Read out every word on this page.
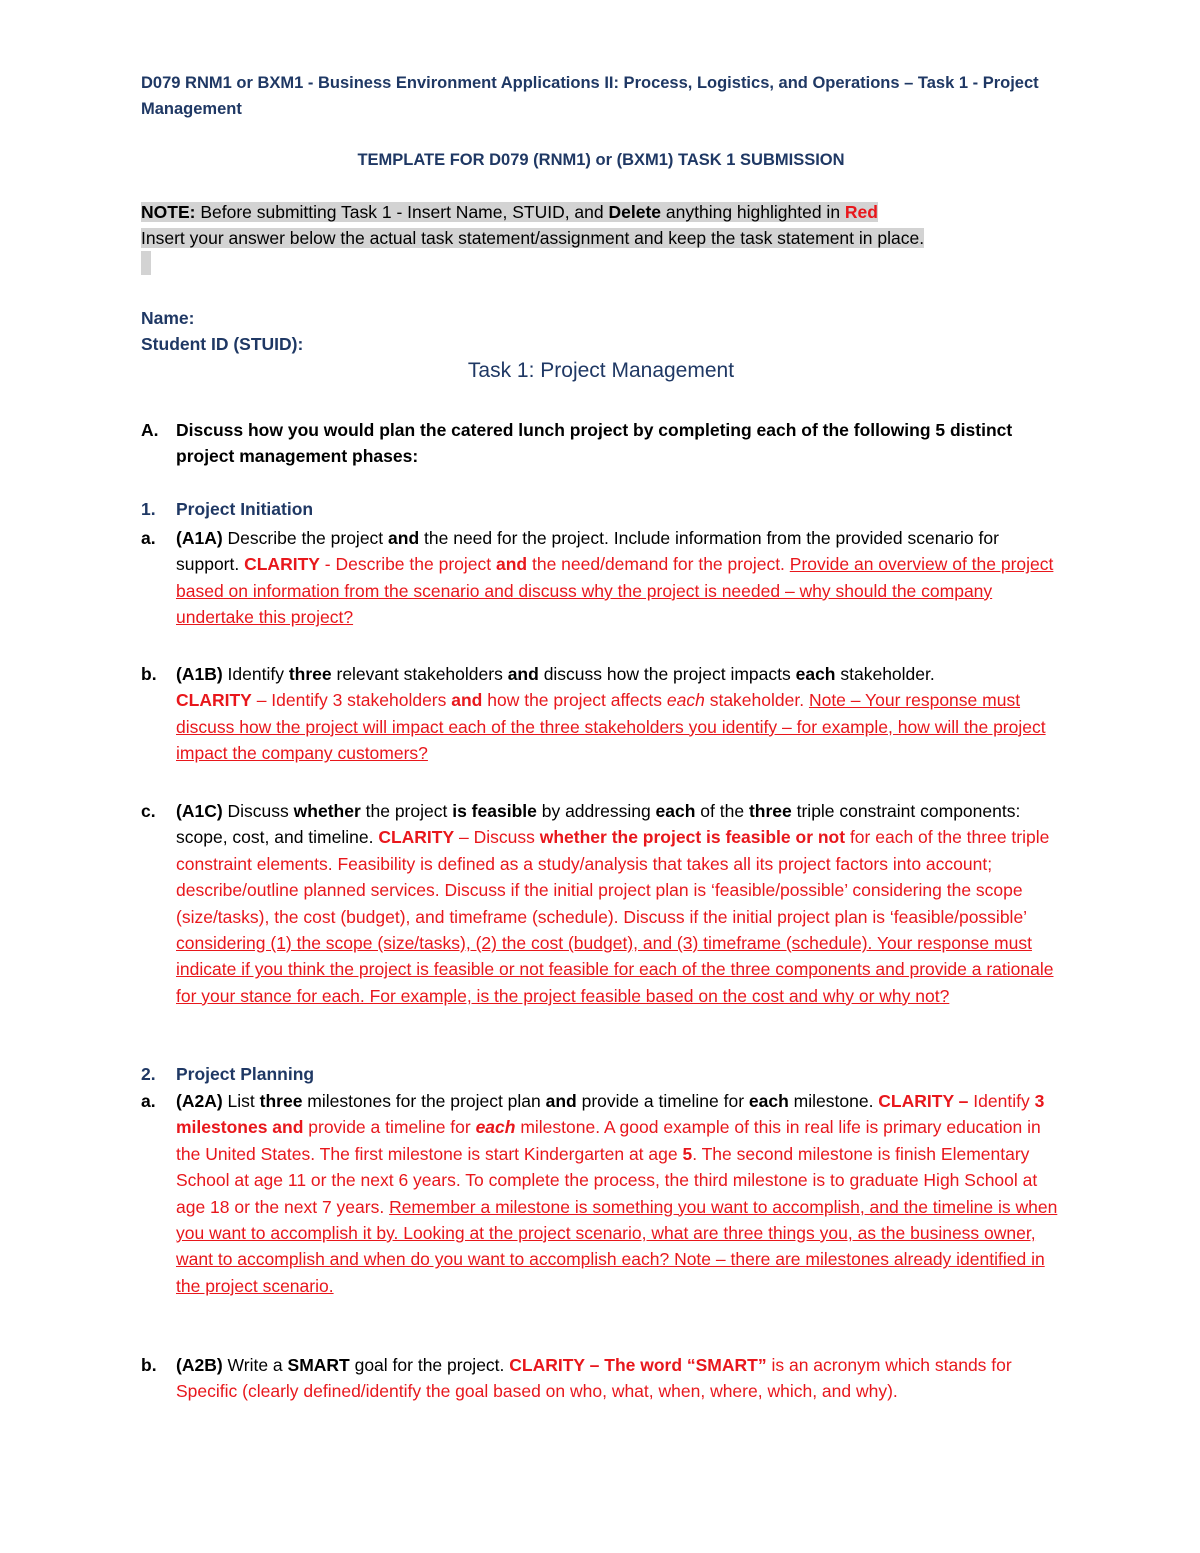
D079 RNM1 or BXM1 - Business Environment Applications II: Process, Logistics, and Operations – Task 1 - Project Management

TEMPLATE FOR D079 (RNM1) or (BXM1) TASK 1 SUBMISSION

NOTE: Before submitting Task 1 - Insert Name, STUID, and Delete anything highlighted in Red
Insert your answer below the actual task statement/assignment and keep the task statement in place.

Name:

Student ID (STUID):

Task 1: Project Management

A. Discuss how you would plan the catered lunch project by completing each of the following 5 distinct project management phases:

1. Project Initiation

a. (A1A) Describe the project and the need for the project. Include information from the provided scenario for support. CLARITY - Describe the project and the need/demand for the project. Provide an overview of the project based on information from the scenario and discuss why the project is needed – why should the company undertake this project?

b. (A1B) Identify three relevant stakeholders and discuss how the project impacts each stakeholder.
CLARITY – Identify 3 stakeholders and how the project affects each stakeholder. Note – Your response must discuss how the project will impact each of the three stakeholders you identify – for example, how will the project impact the company customers?

c. (A1C) Discuss whether the project is feasible by addressing each of the three triple constraint components: scope, cost, and timeline. CLARITY – Discuss whether the project is feasible or not for each of the three triple constraint elements. Feasibility is defined as a study/analysis that takes all its project factors into account; describe/outline planned services. Discuss if the initial project plan is ‘feasible/possible’ considering the scope (size/tasks), the cost (budget), and timeframe (schedule). Discuss if the initial project plan is ‘feasible/possible’ considering (1) the scope (size/tasks), (2) the cost (budget), and (3) timeframe (schedule). Your response must indicate if you think the project is feasible or not feasible for each of the three components and provide a rationale for your stance for each. For example, is the project feasible based on the cost and why or why not?

2. Project Planning

a. (A2A) List three milestones for the project plan and provide a timeline for each milestone. CLARITY – Identify 3 milestones and provide a timeline for each milestone. A good example of this in real life is primary education in the United States. The first milestone is start Kindergarten at age 5. The second milestone is finish Elementary School at age 11 or the next 6 years. To complete the process, the third milestone is to graduate High School at age 18 or the next 7 years. Remember a milestone is something you want to accomplish, and the timeline is when you want to accomplish it by. Looking at the project scenario, what are three things you, as the business owner, want to accomplish and when do you want to accomplish each? Note – there are milestones already identified in the project scenario.

b. (A2B) Write a SMART goal for the project. CLARITY – The word “SMART” is an acronym which stands for Specific (clearly defined/identify the goal based on who, what, when, where, which, and why).
